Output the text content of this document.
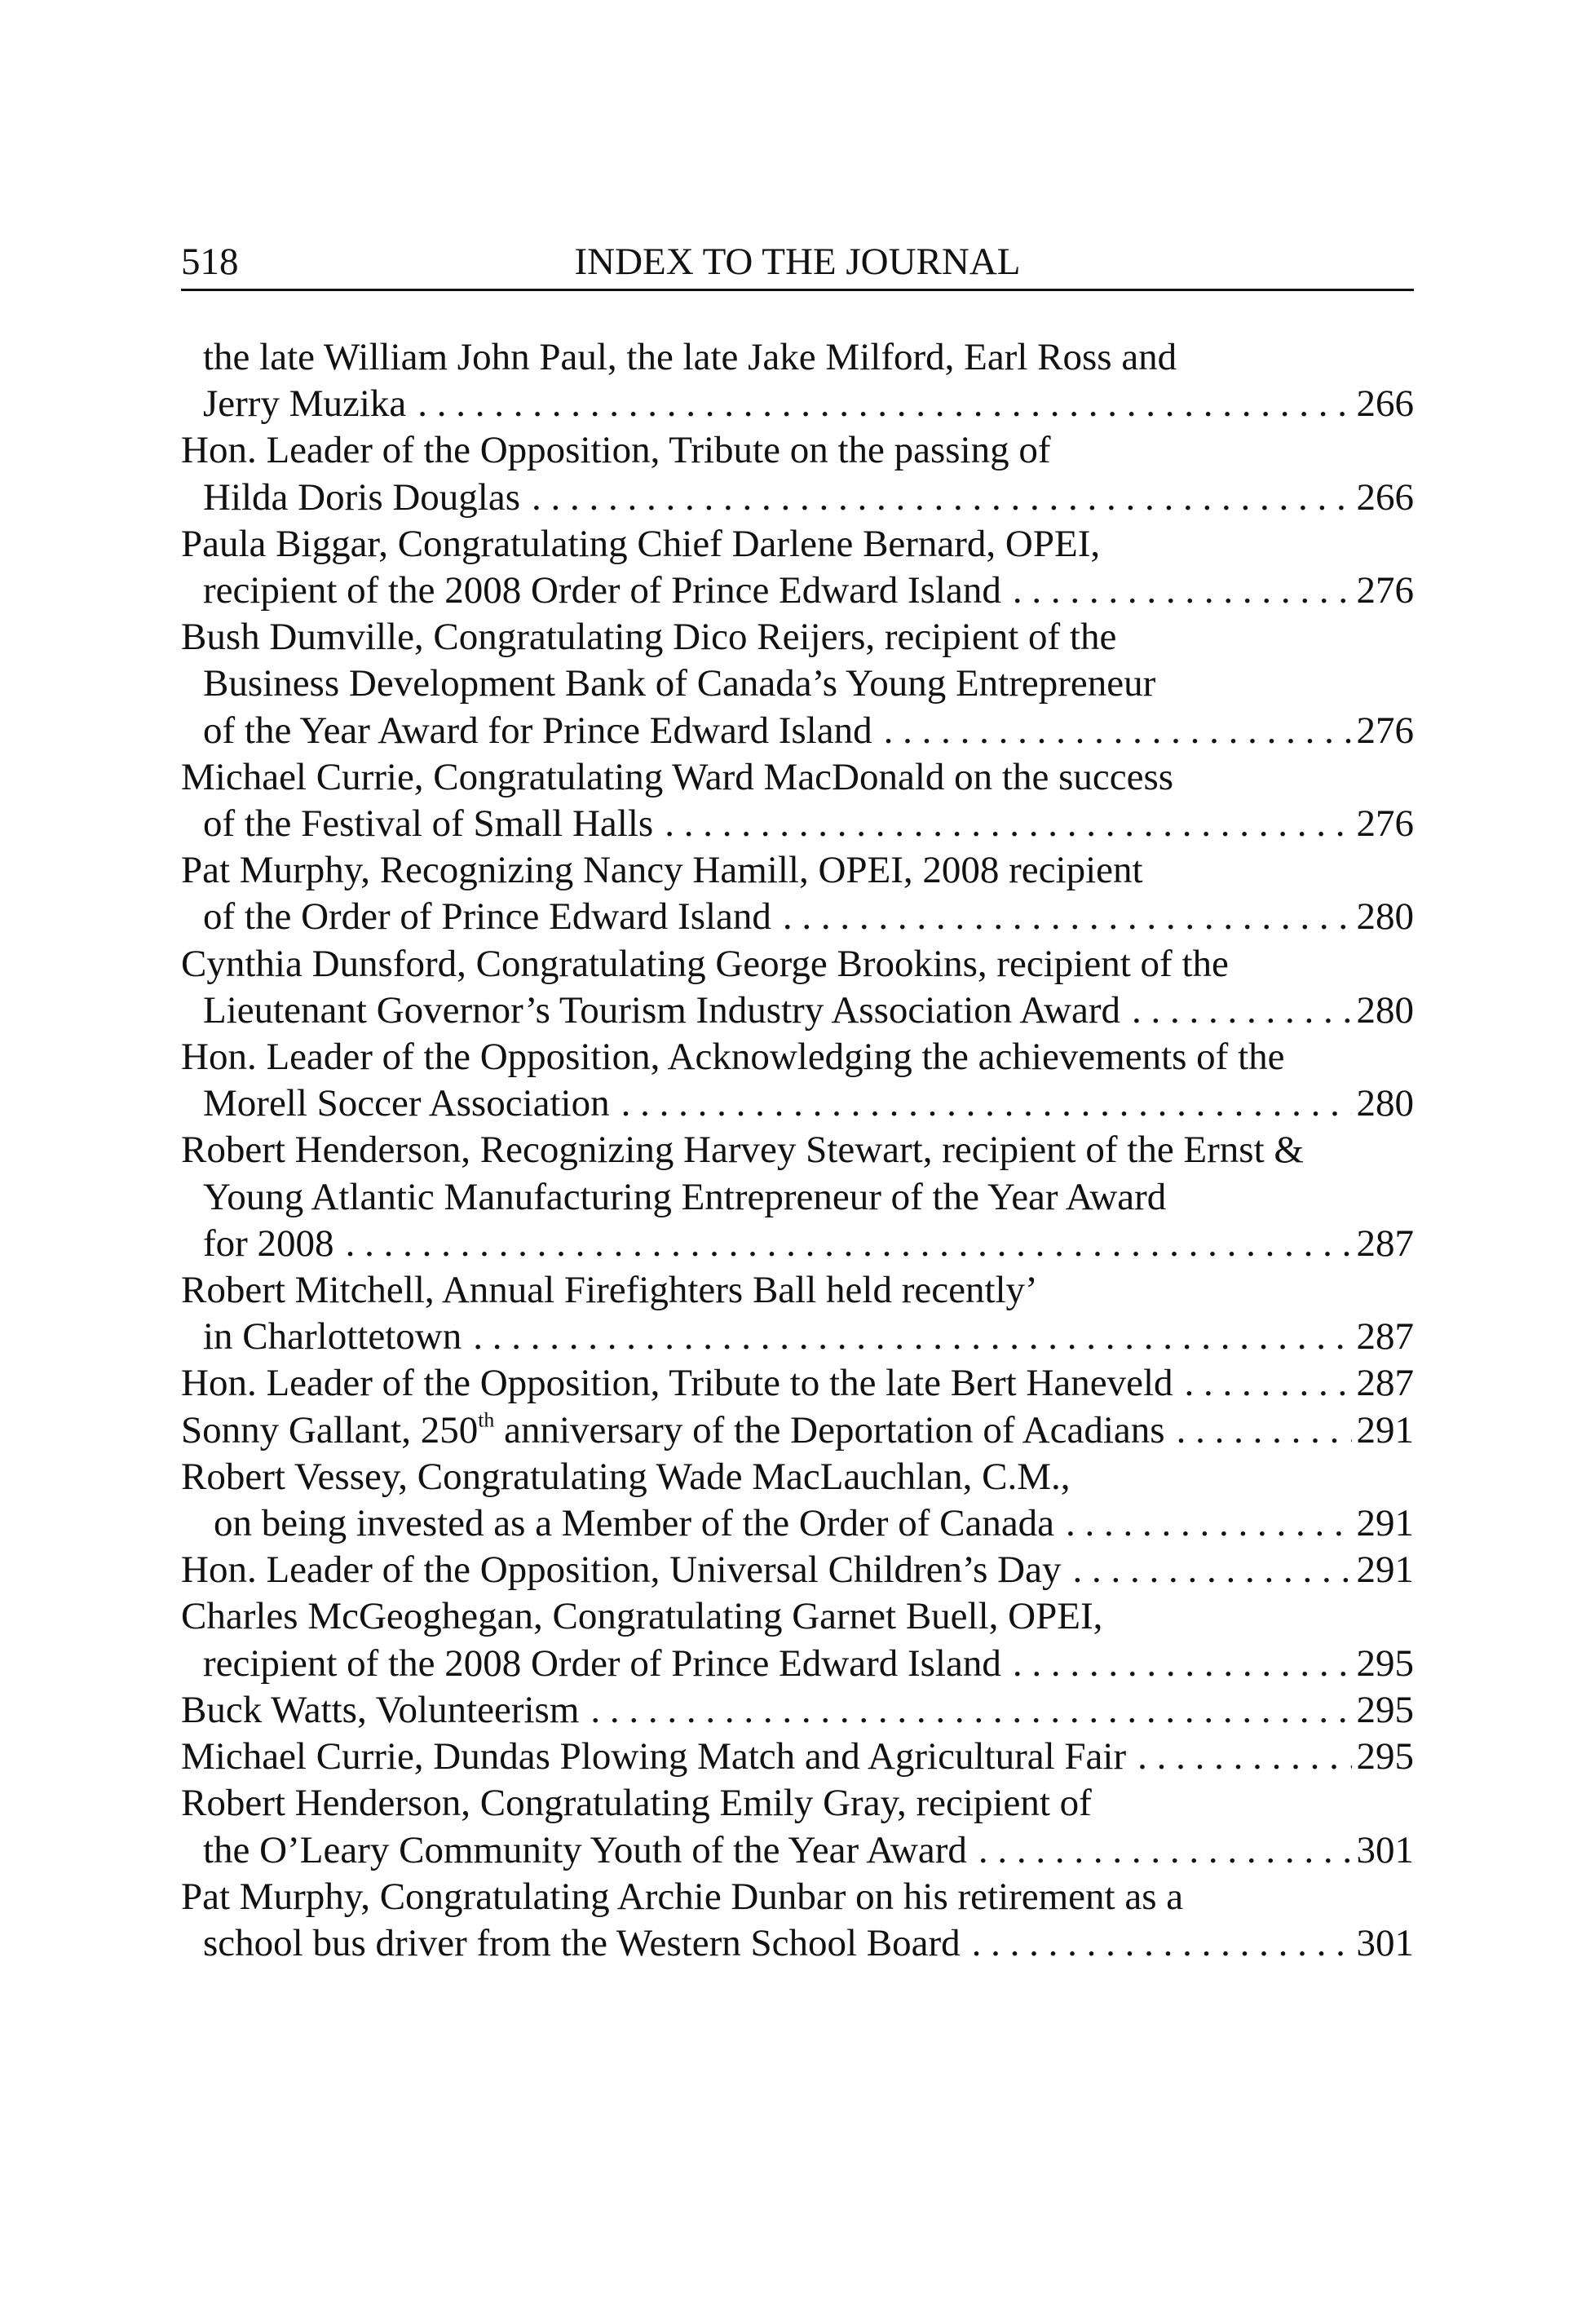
518	INDEX TO THE JOURNAL
the late William John Paul, the late Jake Milford, Earl Ross and
Jerry Muzika . . .	266
Hon. Leader of the Opposition, Tribute on the passing of
Hilda Doris Douglas . . .	266
Paula Biggar, Congratulating Chief Darlene Bernard, OPEI,
recipient of the 2008 Order of Prince Edward Island . . .	276
Bush Dumville, Congratulating Dico Reijers, recipient of the
Business Development Bank of Canada’s Young Entrepreneur
of the Year Award for Prince Edward Island . . .	276
Michael Currie, Congratulating Ward MacDonald on the success
of the Festival of Small Halls . . .	276
Pat Murphy, Recognizing Nancy Hamill, OPEI, 2008 recipient
of the Order of Prince Edward Island . . .	280
Cynthia Dunsford, Congratulating George Brookins, recipient of the
Lieutenant Governor’s Tourism Industry Association Award . . .	280
Hon. Leader of the Opposition, Acknowledging the achievements of the
Morell Soccer Association . . .	280
Robert Henderson, Recognizing Harvey Stewart, recipient of the Ernst &
Young Atlantic Manufacturing Entrepreneur of the Year Award
for 2008 . . .	287
Robert Mitchell, Annual Firefighters Ball held recently’
in Charlottetown . . .	287
Hon. Leader of the Opposition, Tribute to the late Bert Haneveld . . .	287
Sonny Gallant, 250th anniversary of the Deportation of Acadians . . .	291
Robert Vessey, Congratulating Wade MacLauchlan, C.M.,
on being invested as a Member of the Order of Canada . . .	291
Hon. Leader of the Opposition, Universal Children’s Day . . .	291
Charles McGeoghegan, Congratulating Garnet Buell, OPEI,
recipient of the 2008 Order of Prince Edward Island . . .	295
Buck Watts, Volunteerism . . .	295
Michael Currie, Dundas Plowing Match and Agricultural Fair . . .	295
Robert Henderson, Congratulating Emily Gray, recipient of
the O’Leary Community Youth of the Year Award . . .	301
Pat Murphy, Congratulating Archie Dunbar on his retirement as a
school bus driver from the Western School Board . . .	301
